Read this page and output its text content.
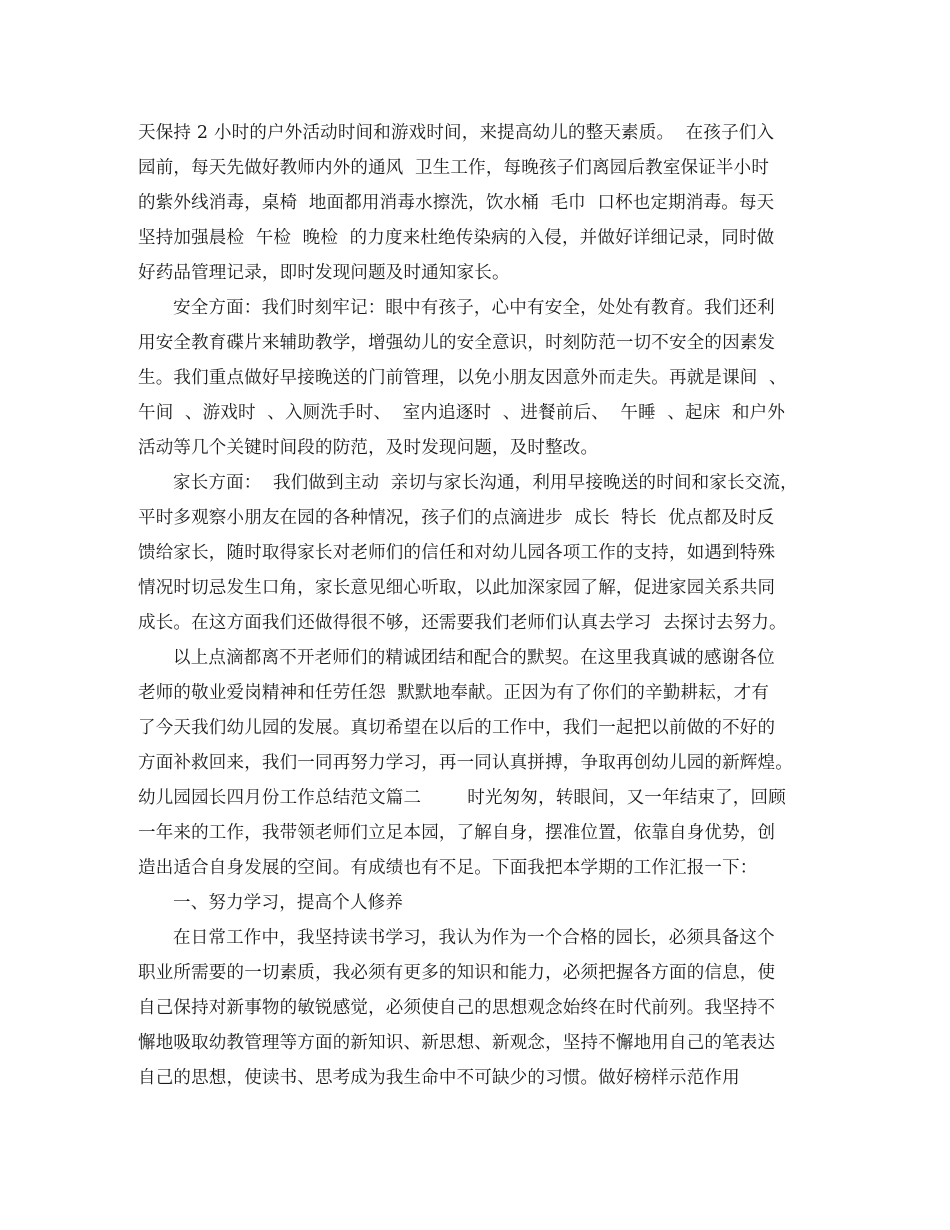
天保持 2 小时的户外活动时间和游戏时间，来提高幼儿的整天素质。  在孩子们入
园前，每天先做好教师内外的通风  卫生工作，每晚孩子们离园后教室保证半小时
的紫外线消毒，桌椅  地面都用消毒水擦洗，饮水桶  毛巾  口杯也定期消毒。每天
坚持加强晨检  午检  晚检  的力度来杜绝传染病的入侵，并做好详细记录，同时做
好药品管理记录，即时发现问题及时通知家长。
安全方面：我们时刻牢记：眼中有孩子，心中有安全，处处有教育。我们还利
用安全教育碟片来辅助教学，增强幼儿的安全意识，时刻防范一切不安全的因素发
生。我们重点做好早接晚送的门前管理，以免小朋友因意外而走失。再就是课间  、
午间  、游戏时  、入厕洗手时、  室内追逐时  、进餐前后、  午睡  、起床  和户外
活动等几个关键时间段的防范，及时发现问题，及时整改。
家长方面：  我们做到主动  亲切与家长沟通，利用早接晚送的时间和家长交流，
平时多观察小朋友在园的各种情况，孩子们的点滴进步  成长  特长  优点都及时反
馈给家长，随时取得家长对老师们的信任和对幼儿园各项工作的支持，如遇到特殊
情况时切忌发生口角，家长意见细心听取，以此加深家园了解，促进家园关系共同
成长。在这方面我们还做得很不够，还需要我们老师们认真去学习  去探讨去努力。
以上点滴都离不开老师们的精诚团结和配合的默契。在这里我真诚的感谢各位
老师的敬业爱岗精神和任劳任怨  默默地奉献。正因为有了你们的辛勤耕耘，才有
了今天我们幼儿园的发展。真切希望在以后的工作中，我们一起把以前做的不好的
方面补救回来，我们一同再努力学习，再一同认真拼搏，争取再创幼儿园的新辉煌。
幼儿园园长四月份工作总结范文篇二        时光匆匆，转眼间，又一年结束了，回顾
一年来的工作，我带领老师们立足本园，了解自身，摆准位置，依靠自身优势，创
造出适合自身发展的空间。有成绩也有不足。下面我把本学期的工作汇报一下：
一、努力学习，提高个人修养
在日常工作中，我坚持读书学习，我认为作为一个合格的园长，必须具备这个
职业所需要的一切素质，我必须有更多的知识和能力，必须把握各方面的信息，使
自己保持对新事物的敏锐感觉，必须使自己的思想观念始终在时代前列。我坚持不
懈地吸取幼教管理等方面的新知识、新思想、新观念，坚持不懈地用自己的笔表达
自己的思想，使读书、思考成为我生命中不可缺少的习惯。做好榜样示范作用
